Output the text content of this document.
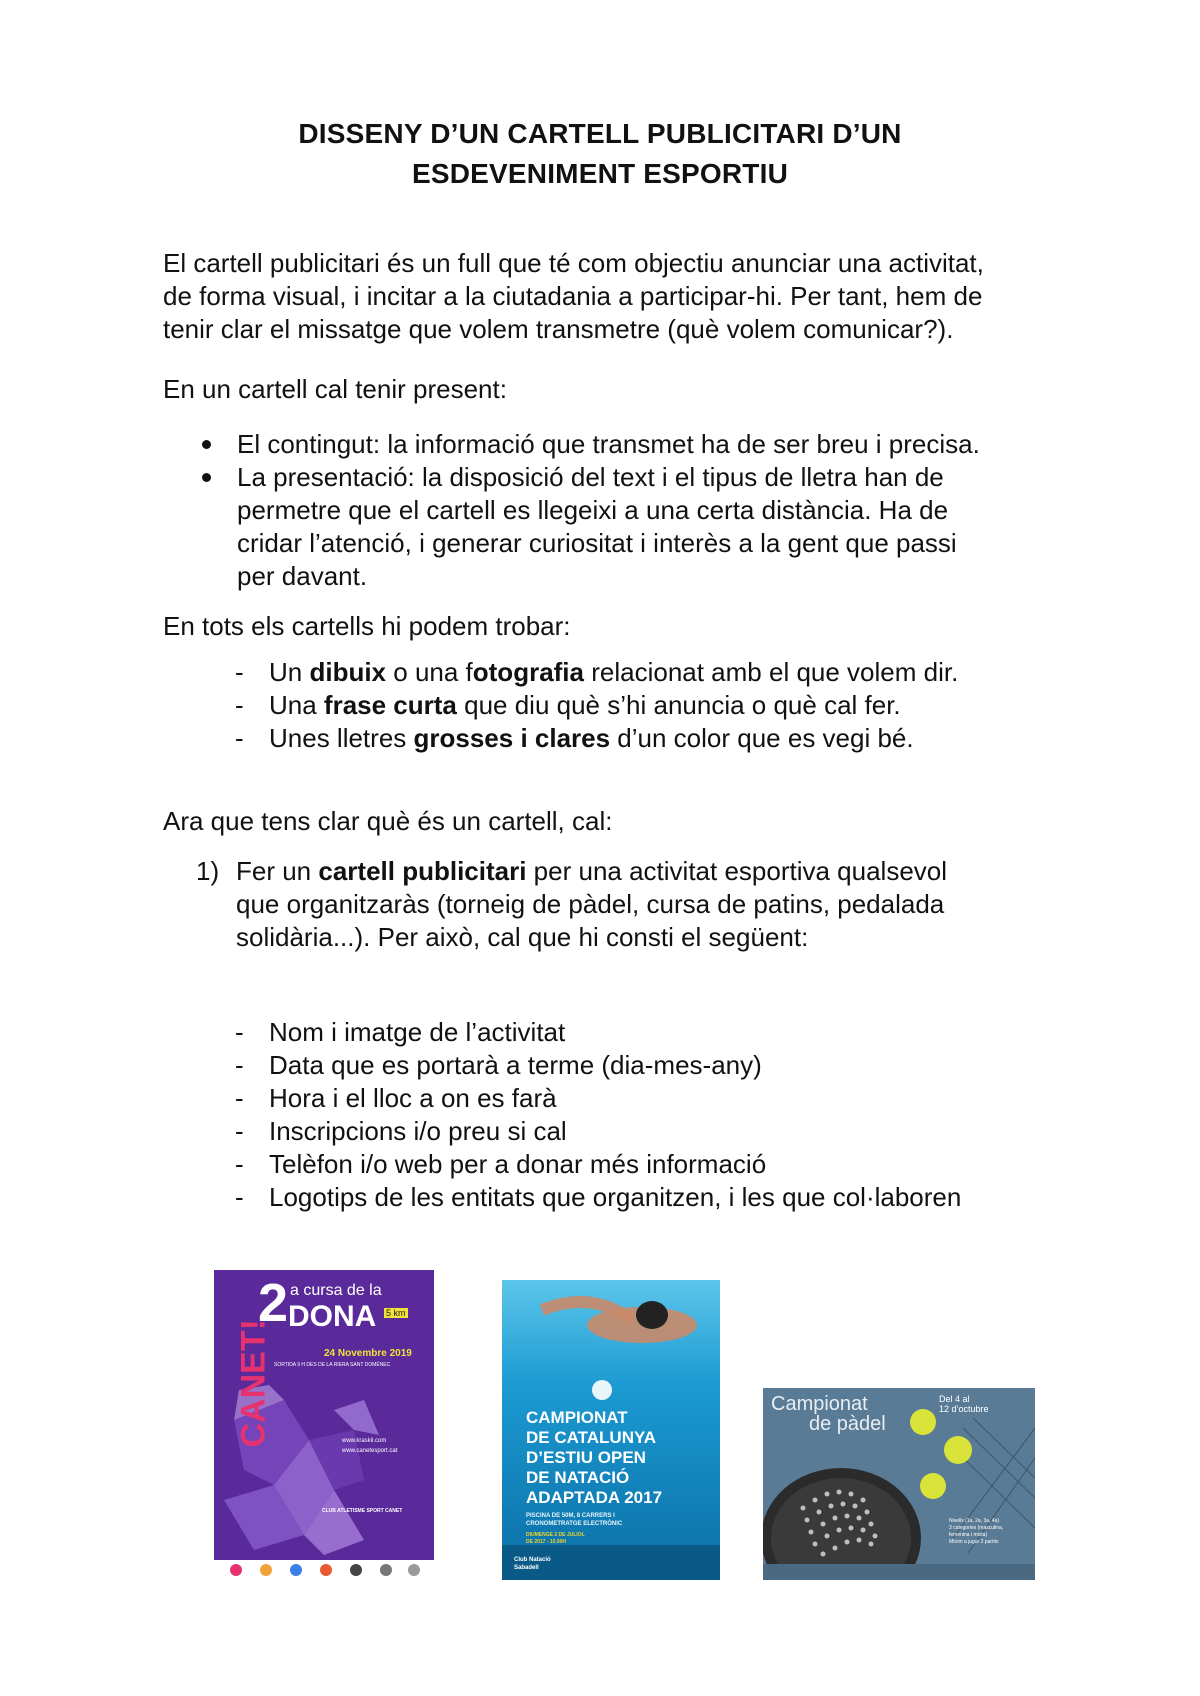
DISSENY D’UN CARTELL PUBLICITARI D’UN
ESDEVENIMENT ESPORTIU
El cartell publicitari és un full que té com objectiu anunciar una activitat,
de forma visual, i incitar a la ciutadania a participar-hi. Per tant, hem de
tenir clar el missatge que volem transmetre (què volem comunicar?).
En un cartell cal tenir present:
El contingut: la informació que transmet ha de ser breu i precisa.
La presentació: la disposició del text i el tipus de lletra han de
permetre que el cartell es llegeixi a una certa distància. Ha de
cridar l’atenció, i generar curiositat i interès a la gent que passi
per davant.
En tots els cartells hi podem trobar:
- Un dibuix o una fotografia relacionat amb el que volem dir.
- Una frase curta que diu què s’hi anuncia o què cal fer.
- Unes lletres grosses i clares d’un color que es vegi bé.
Ara que tens clar què és un cartell, cal:
1) Fer un cartell publicitari per una activitat esportiva qualsevol
que organitzaràs (torneig de pàdel, cursa de patins, pedalada
solidària...). Per això, cal que hi consti el següent:
- Nom i imatge de l’activitat
- Data que es portarà a terme (dia-mes-any)
- Hora i el lloc a on es farà
- Inscripcions i/o preu si cal
- Telèfon i/o web per a donar més informació
- Logotips de les entitats que organitzen, i les que col·laboren
CANET!
2 a cursa de la
DONA 5 km
24 Novembre 2019
SORTIDA 9 H DES DE LA RIERA SANT DOMÈNEC
www.kraskil.com
www.canetesport.cat
CLUB ATLETISME SPORT CANET
CAMPIONAT
DE CATALUNYA
D’ESTIU OPEN
DE NATACIÓ
ADAPTADA 2017
PISCINA DE 50M, 8 CARRERS I
CRONOMETRATGE ELECTRÒNIC
DIUMENGE 2 DE JULIOL
DE 2017 - 10.00H
Club Natació
Sabadell
Campionat
de pàdel
Del 4 al
12 d’octubre
Nivells (1a, 2a, 3a, 4a)
3 categories (masculina,
femenina i mixta)
Mínim a jugar 2 partits
